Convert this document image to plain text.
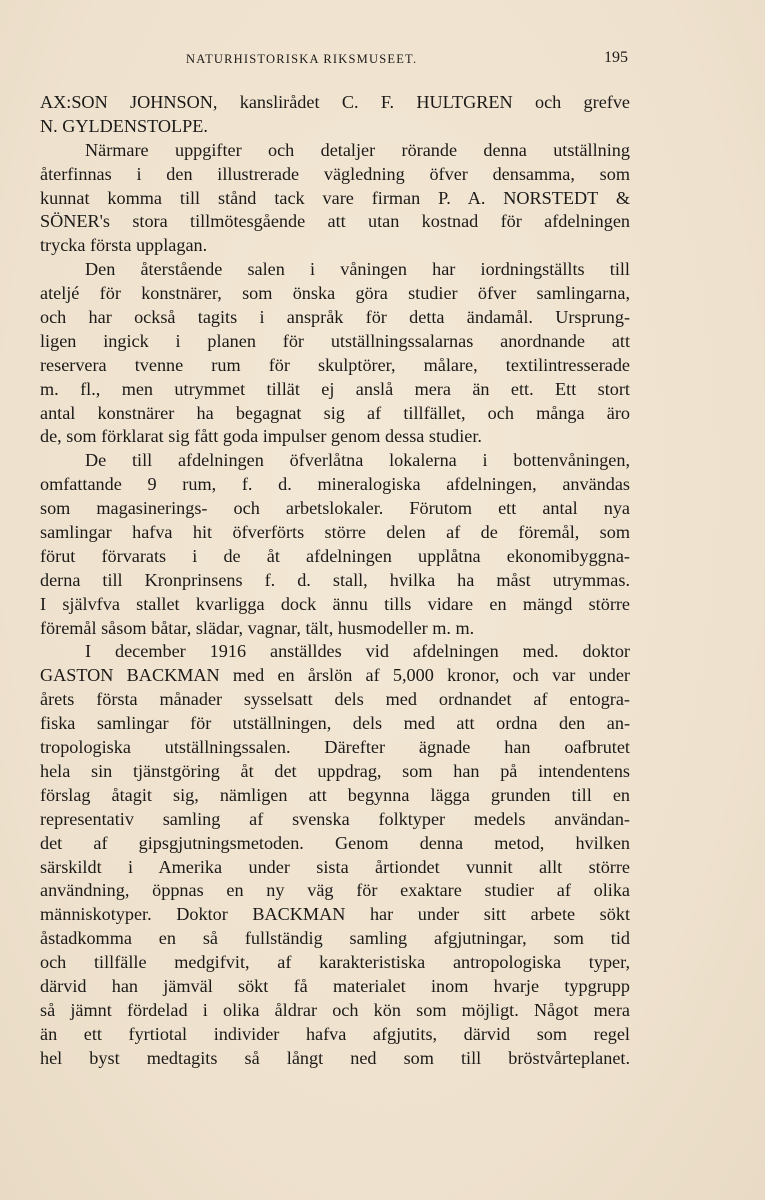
NATURHISTORISKA RIKSMUSEET.	195
AX:SON JOHNSON, kanslirådet C. F. HULTGREN och grefve
N. GYLDENSTOLPE.
Närmare uppgifter och detaljer rörande denna utställning
återfinnas i den illustrerade vägledning öfver densamma, som
kunnat komma till stånd tack vare firman P. A. NORSTEDT &
SÖNER's stora tillmötesgående att utan kostnad för afdelningen
trycka första upplagan.
Den återstående salen i våningen har iordningställts till
ateljé för konstnärer, som önska göra studier öfver samlingarna,
och har också tagits i anspråk för detta ändamål. Ursprung-
ligen ingick i planen för utställningssalarnas anordnande att
reservera tvenne rum för skulptörer, målare, textilintresserade
m. fl., men utrymmet tillät ej anslå mera än ett. Ett stort
antal konstnärer ha begagnat sig af tillfället, och många äro
de, som förklarat sig fått goda impulser genom dessa studier.
De till afdelningen öfverlåtna lokalerna i bottenvåningen,
omfattande 9 rum, f. d. mineralogiska afdelningen, användas
som magasinerings- och arbetslokaler. Förutom ett antal nya
samlingar hafva hit öfverförts större delen af de föremål, som
förut förvarats i de åt afdelningen upplåtna ekonomibyggna-
derna till Kronprinsens f. d. stall, hvilka ha måst utrymmas.
I självfva stallet kvarligga dock ännu tills vidare en mängd större
föremål såsom båtar, slädar, vagnar, tält, husmodeller m. m.
I december 1916 anställdes vid afdelningen med. doktor
GASTON BACKMAN med en årslön af 5,000 kronor, och var under
årets första månader sysselsatt dels med ordnandet af entogra-
fiska samlingar för utställningen, dels med att ordna den an-
tropologiska utställningssalen. Därefter ägnade han oafbrutet
hela sin tjänstgöring åt det uppdrag, som han på intendentens
förslag åtagit sig, nämligen att begynna lägga grunden till en
representativ samling af svenska folktyper medels användan-
det af gipsgjutningsmetoden. Genom denna metod, hvilken
särskildt i Amerika under sista årtiondet vunnit allt större
användning, öppnas en ny väg för exaktare studier af olika
människotyper. Doktor BACKMAN har under sitt arbete sökt
åstadkomma en så fullständig samling afgjutningar, som tid
och tillfälle medgifvit, af karakteristiska antropologiska typer,
därvid han jämväl sökt få materialet inom hvarje typgrupp
så jämnt fördelad i olika åldrar och kön som möjligt. Något mera
än ett fyrtiotal individer hafva afgjutits, därvid som regel
hel byst medtagits så långt ned som till bröstvårteplanet.
